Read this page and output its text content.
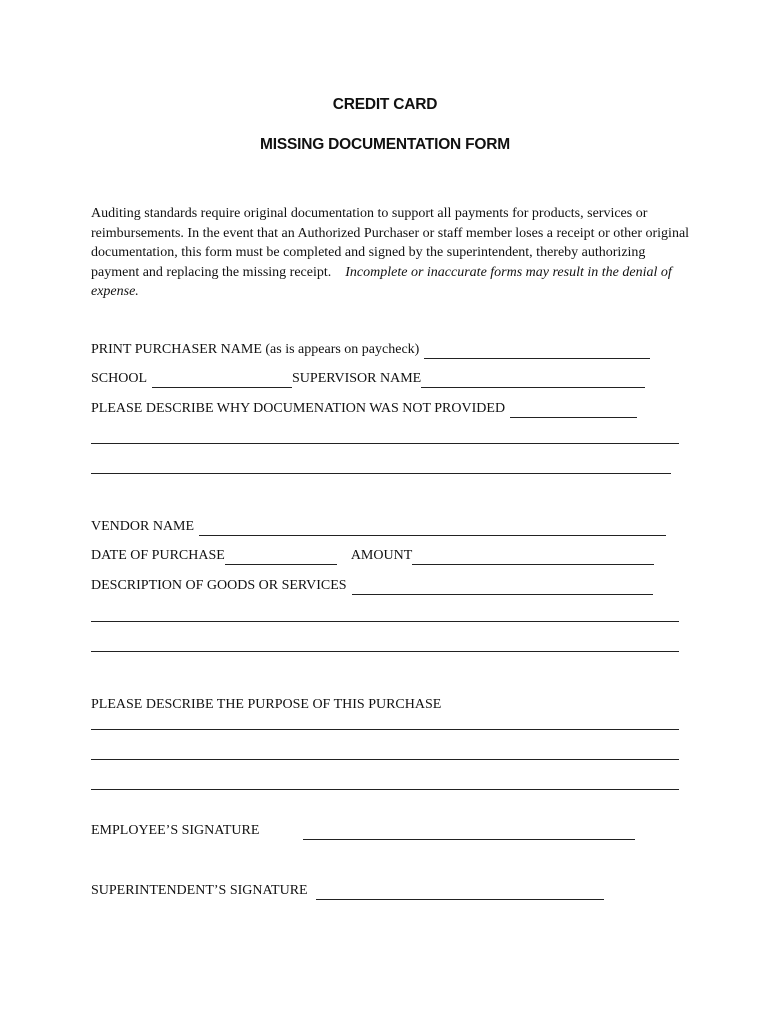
CREDIT CARD
MISSING DOCUMENTATION FORM

Auditing standards require original documentation to support all payments for products, services or reimbursements. In the event that an Authorized Purchaser or staff member loses a receipt or other original documentation, this form must be completed and signed by the superintendent, thereby authorizing payment and replacing the missing receipt. Incomplete or inaccurate forms may result in the denial of expense.

PRINT PURCHASER NAME (as is appears on paycheck)
SCHOOL	SUPERVISOR NAME
PLEASE DESCRIBE WHY DOCUMENATION WAS NOT PROVIDED
VENDOR NAME
DATE OF PURCHASE	AMOUNT
DESCRIPTION OF GOODS OR SERVICES
PLEASE DESCRIBE THE PURPOSE OF THIS PURCHASE
EMPLOYEE’S SIGNATURE
SUPERINTENDENT’S SIGNATURE
